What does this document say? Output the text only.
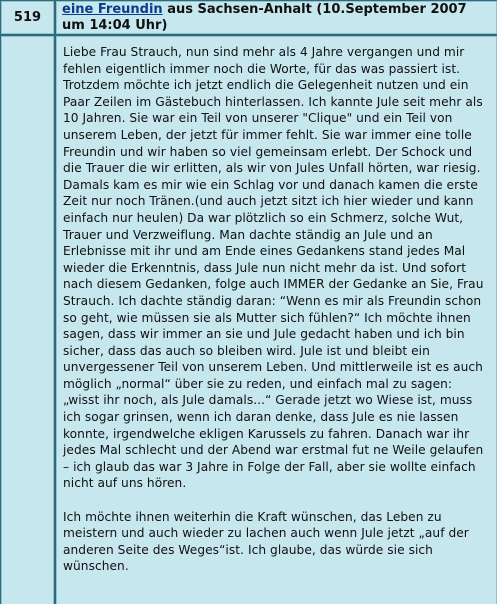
519
eine Freundin aus Sachsen-Anhalt (10.September 2007 um 14:04 Uhr)

Liebe Frau Strauch, nun sind mehr als 4 Jahre vergangen und mir fehlen eigentlich immer noch die Worte, für das was passiert ist. Trotzdem möchte ich jetzt endlich die Gelegenheit nutzen und ein Paar Zeilen im Gästebuch hinterlassen. Ich kannte Jule seit mehr als 10 Jahren. Sie war ein Teil von unserer "Clique" und ein Teil von unserem Leben, der jetzt für immer fehlt. Sie war immer eine tolle Freundin und wir haben so viel gemeinsam erlebt. Der Schock und die Trauer die wir erlitten, als wir von Jules Unfall hörten, war riesig. Damals kam es mir wie ein Schlag vor und danach kamen die erste Zeit nur noch Tränen.(und auch jetzt sitzt ich hier wieder und kann einfach nur heulen) Da war plötzlich so ein Schmerz, solche Wut, Trauer und Verzweiflung. Man dachte ständig an Jule und an Erlebnisse mit ihr und am Ende eines Gedankens stand jedes Mal wieder die Erkenntnis, dass Jule nun nicht mehr da ist. Und sofort nach diesem Gedanken, folge auch IMMER der Gedanke an Sie, Frau Strauch. Ich dachte ständig daran: “Wenn es mir als Freundin schon so geht, wie müssen sie als Mutter sich fühlen?“ Ich möchte ihnen sagen, dass wir immer an sie und Jule gedacht haben und ich bin sicher, dass das auch so bleiben wird. Jule ist und bleibt ein unvergessener Teil von unserem Leben. Und mittlerweile ist es auch möglich „normal“ über sie zu reden, und einfach mal zu sagen: „wisst ihr noch, als Jule damals...“ Gerade jetzt wo Wiese ist, muss ich sogar grinsen, wenn ich daran denke, dass Jule es nie lassen konnte, irgendwelche ekligen Karussels zu fahren. Danach war ihr jedes Mal schlecht und der Abend war erstmal fut ne Weile gelaufen – ich glaub das war 3 Jahre in Folge der Fall, aber sie wollte einfach nicht auf uns hören.

Ich möchte ihnen weiterhin die Kraft wünschen, das Leben zu meistern und auch wieder zu lachen auch wenn Jule jetzt „auf der anderen Seite des Weges“ist. Ich glaube, das würde sie sich wünschen.
